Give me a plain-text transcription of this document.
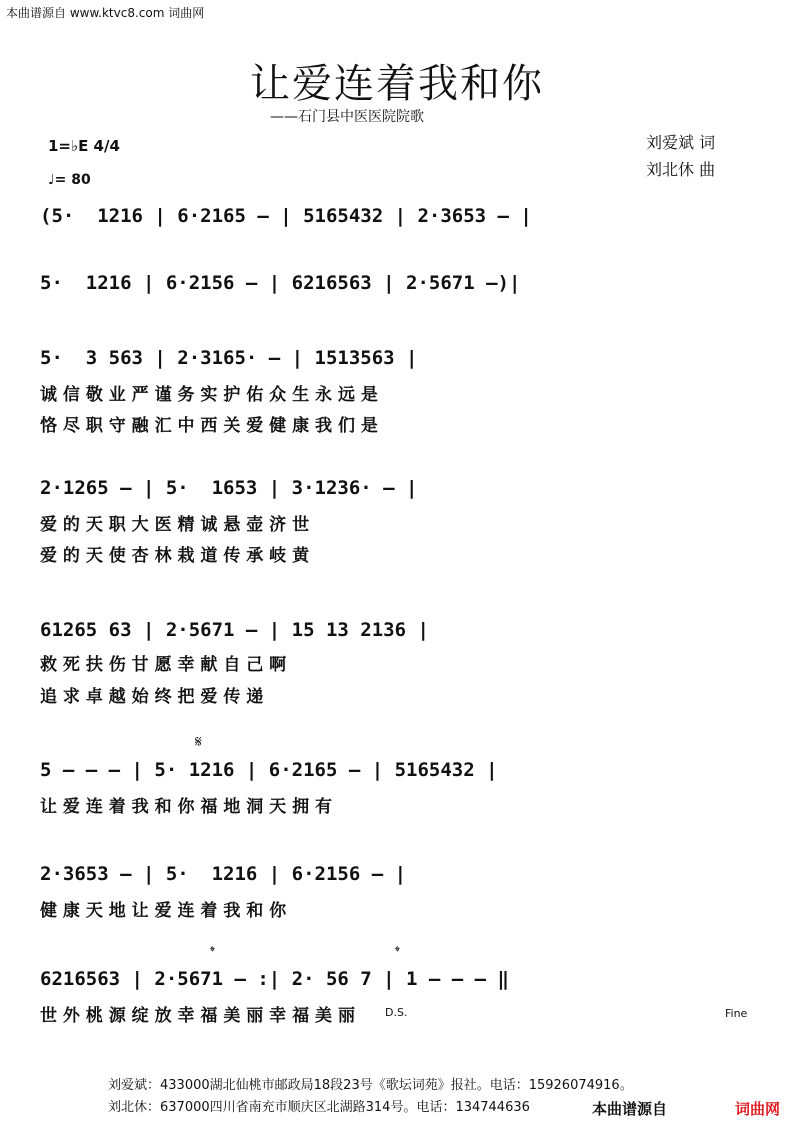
本曲谱源自 www.ktvc8.com 词曲网
让爱连着我和你
——石门县中医医院院歌
1=♭E 4/4
♩= 80
刘爱斌 词
刘北休 曲
(5·  1216 | 6·2165 — | 5165432 | 2·3653 — |
5·  1216 | 6·2156 — | 6216563 | 2·5671 —)|
5·  3 563 | 2·3165· — | 1513563 |
诚 信 敬 业 严 谨 务 实 护 佑 众 生 永 远 是
恪 尽 职 守 融 汇 中 西 关 爱 健 康 我 们 是
2·1265 — | 5·  1653 | 3·1236· — |
爱 的 天 职 大 医 精 诚 悬 壶 济 世
爱 的 天 使 杏 林 栽 道 传 承 岐 黄
61265 63 | 2·5671 — | 15 13 2136 |
救 死 扶 伤 甘 愿 幸 献 自 己 啊
追 求 卓 越 始 终 把 爱 传 递
5 — — — | 5· 1216 | 6·2165 — | 5165432 |
让 爱 连 着 我 和 你 福 地 洞 天 拥 有
𝄋
2·3653 — | 5·  1216 | 6·2156 — |
健 康 天 地 让 爱 连 着 我 和 你
6216563 | 2·5671 — :| 2· 56 7 | 1 — — — ‖
世 外 桃 源 绽 放 幸 福 美 丽 幸 福 美 丽
𝄌	𝄌
D.S.	Fine
刘爱斌：433000湖北仙桃市邮政局18段23号《歌坛词苑》报社。电话：15926074916。
刘北休：637000四川省南充市顺庆区北湖路314号。电话：134744636	本曲谱源自	词曲网
